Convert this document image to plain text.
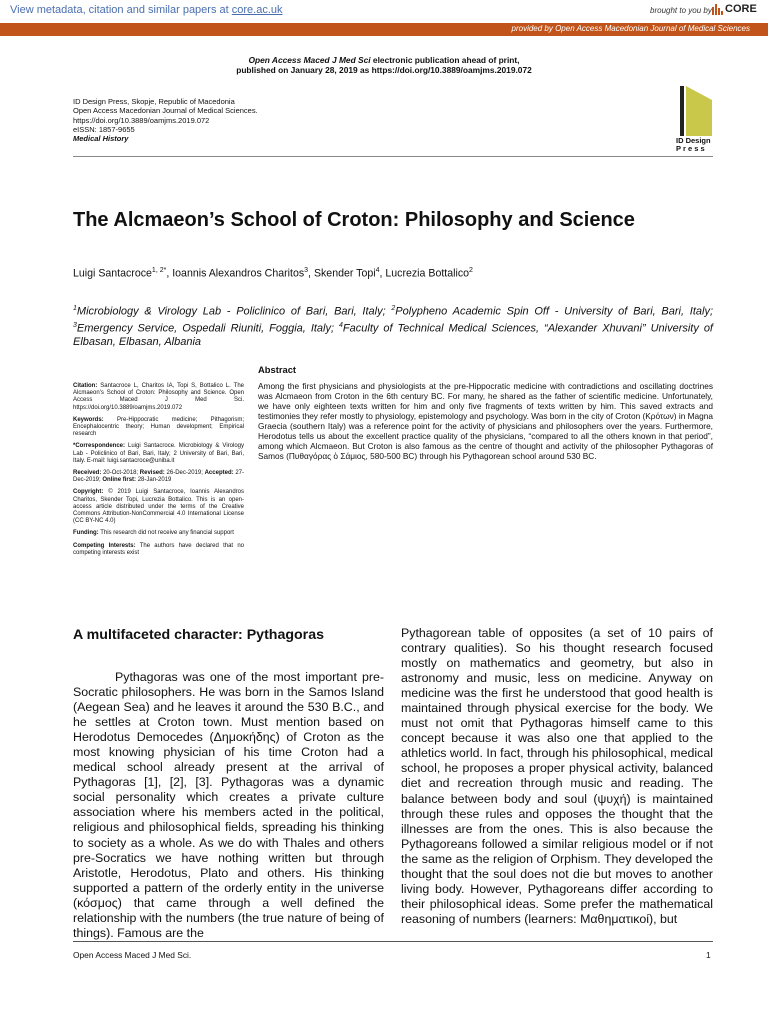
View metadata, citation and similar papers at core.ac.uk	brought to you by	CORE
provided by Open Access Macedonian Journal of Medical Sciences
Open Access Maced J Med Sci electronic publication ahead of print,
published on January 28, 2019 as https://doi.org/10.3889/oamjms.2019.072
ID Design Press, Skopje, Republic of Macedonia
Open Access Macedonian Journal of Medical Sciences.
https://doi.org/10.3889/oamjms.2019.072
eISSN: 1857-9655
Medical History	ID Design
P r e s s
The Alcmaeon’s School of Croton: Philosophy and Science
Luigi Santacroce$^{1, 2*}$, Ioannis Alexandros Charitos$^3$, Skender Topi$^4$, Lucrezia Bottalico$^2$
$^1$Microbiology & Virology Lab - Policlinico of Bari, Bari, Italy; $^2$Polypheno Academic Spin Off - University of Bari, Bari, Italy; $^3$Emergency Service, Ospedali Riuniti, Foggia, Italy; $^4$Faculty of Technical Medical Sciences, “Alexander Xhuvani” University of Elbasan, Elbasan, Albania
Abstract
Among the first physicians and physiologists at the pre-Hippocratic medicine with contradictions and oscillating doctrines was Alcmaeon from Croton in the 6th century BC. For many, he shared as the father of scientific medicine. Unfortunately, we have only eighteen texts written for him and only five fragments of texts written by him. This saved extracts and testimonies they refer mostly to physiology, epistemology and psychology. Was born in the city of Croton (Κρότων) in Magna Graecia (southern Italy) was a reference point for the activity of physicians and philosophers over the years. Furthermore, Herodotus tells us about the excellent practice quality of the physicians, “compared to all the others known in that period”, among which Alcmaeon. But Croton is also famous as the centre of thought and activity of the philosopher Pythagoras of Samos (Πυθαγόρας ὁ Σάμιος, 580-500 BC) through his Pythagorean school around 530 BC.

Citation: Santacroce L, Charitos IA, Topi S, Bottalico L. The Alcmaeon’s School of Croton: Philosophy and Science. Open Access Maced J Med Sci. https://doi.org/10.3889/oamjms.2019.072

Keywords: Pre-Hippocratic medicine; Pithagorism; Encephalocentric theory; Human development; Empirical research

*Correspondence: Luigi Santacroce. Microbiology & Virology Lab - Policlinico of Bari, Bari, Italy; 2 University of Bari, Bari, Italy. E-mail: luigi.santacroce@uniba.it

Received: 20-Oct-2018; Revised: 26-Dec-2019; Accepted: 27-Dec-2019; Online first: 28-Jan-2019

Copyright: © 2019 Luigi Santacroce, Ioannis Alexandros Charitos, Skender Topi, Lucrezia Bottalico. This is an open-access article distributed under the terms of the Creative Commons Attribution-NonCommercial 4.0 International License (CC BY-NC 4.0)

Funding: This research did not receive any financial support

Competing Interests: The authors have declared that no competing interests exist

A multifaceted character: Pythagoras

Pythagoras was one of the most important pre-Socratic philosophers. He was born in the Samos Island (Aegean Sea) and he leaves it around the 530 B.C., and he settles at Croton town. Must mention based on Herodotus Democedes (Δημοκήδης) of Croton as the most knowing physician of his time Croton had a medical school already present at the arrival of Pythagoras [1], [2], [3]. Pythagoras was a dynamic social personality which creates a private culture association where his members acted in the political, religious and philosophical fields, spreading his thinking to society as a whole. As we do with Thales and others pre-Socratics we have nothing written but through Aristotle, Herodotus, Plato and others. His thinking supported a pattern of the orderly entity in the universe (κόσμος) that came through a well defined the relationship with the numbers (the true nature of being of things). Famous are the

Pythagorean table of opposites (a set of 10 pairs of contrary qualities). So his thought research focused mostly on mathematics and geometry, but also in astronomy and music, less on medicine. Anyway on medicine was the first he understood that good health is maintained through physical exercise for the body. We must not omit that Pythagoras himself came to this concept because it was also one that applied to the athletics world. In fact, through his philosophical, medical school, he proposes a proper physical activity, balanced diet and recreation through music and reading. The balance between body and soul (ψυχή) is maintained through these rules and opposes the thought that the illnesses are from the ones. This is also because the Pythagoreans followed a similar religious model or if not the same as the religion of Orphism. They developed the thought that the soul does not die but moves to another living body. However, Pythagoreans differ according to their philosophical ideas. Some prefer the mathematical reasoning of numbers (learners: Μαθηματικοί), but

Open Access Maced J Med Sci.	1
